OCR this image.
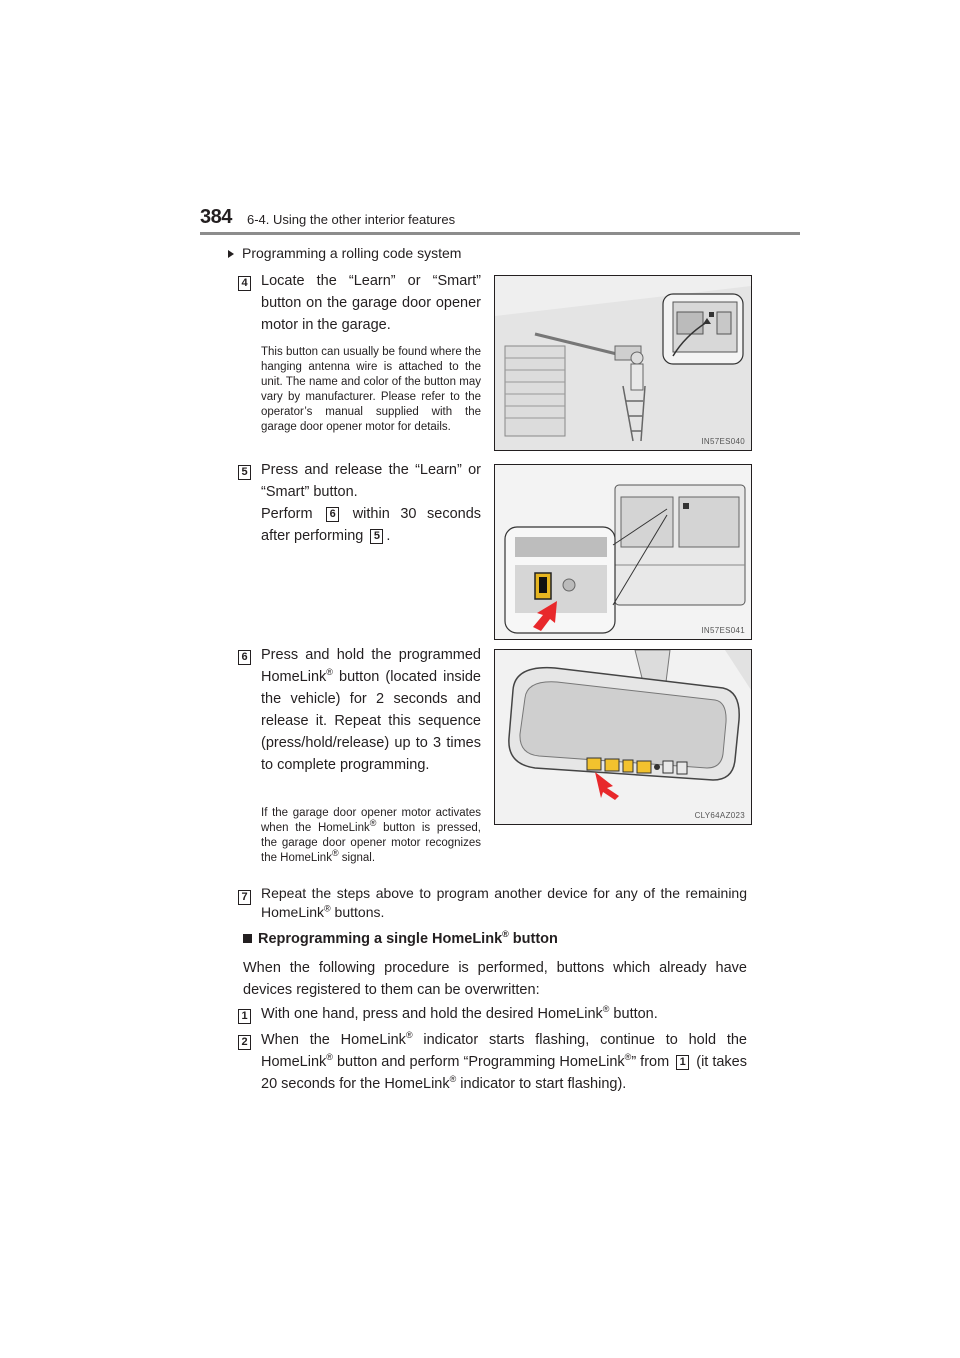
384 6-4. Using the other interior features
Programming a rolling code system
4 Locate the “Learn” or “Smart” button on the garage door opener motor in the garage.
This button can usually be found where the hanging antenna wire is attached to the unit. The name and color of the button may vary by manufacturer. Please refer to the operator’s manual supplied with the garage door opener motor for details.
IN57ES040
5 Press and release the “Learn” or “Smart” button.
Perform 6 within 30 seconds after performing 5 .
IN57ES041
6 Press and hold the programmed HomeLink® button (located inside the vehicle) for 2 seconds and release it. Repeat this sequence (press/hold/release) up to 3 times to complete programming.
If the garage door opener motor activates when the HomeLink® button is pressed, the garage door opener motor recognizes the HomeLink® signal.
CLY64AZ023
7 Repeat the steps above to program another device for any of the remaining HomeLink® buttons.
Reprogramming a single HomeLink® button
When the following procedure is performed, buttons which already have devices registered to them can be overwritten:
1 With one hand, press and hold the desired HomeLink® button.
2 When the HomeLink® indicator starts flashing, continue to hold the HomeLink® button and perform “Programming HomeLink®” from 1 (it takes 20 seconds for the HomeLink® indicator to start flashing).
